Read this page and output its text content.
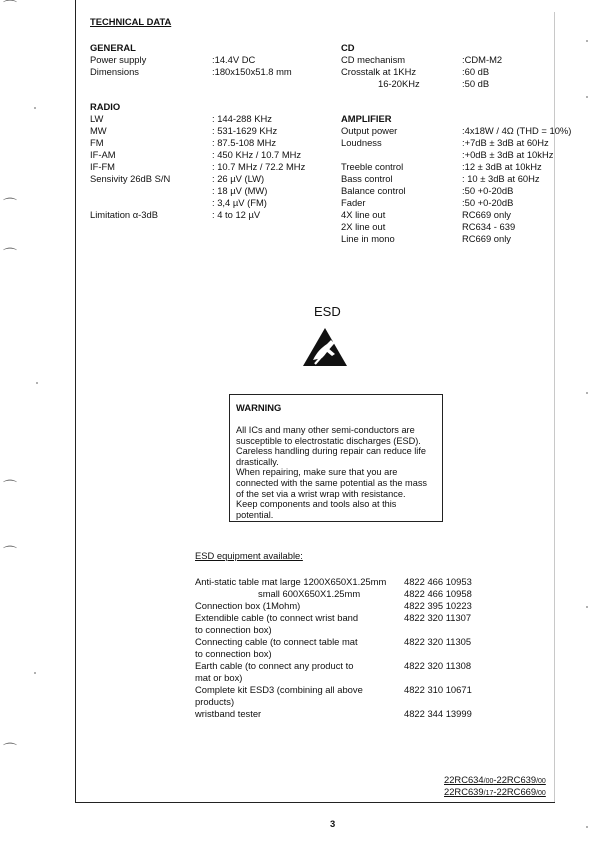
⌒
⌒
⌒
⌒
⌒
⌒
TECHNICAL DATA
GENERAL
Power supply	:14.4V DC
Dimensions	:180x150x51.8 mm
CD
CD mechanism	:CDM-M2
Crosstalk at 1KHz	:60 dB
16-20KHz	:50 dB
RADIO
LW	: 144-288 KHz
MW	: 531-1629 KHz
FM	: 87.5-108 MHz
IF-AM	: 450 KHz / 10.7 MHz
IF-FM	: 10.7 MHz / 72.2 MHz
Sensivity 26dB S/N	: 26 µV (LW)
: 18 µV (MW)
: 3,4 µV (FM)
Limitation α-3dB	: 4 to 12 µV
AMPLIFIER
Output power	:4x18W / 4Ω (THD = 10%)
Loudness	:+7dB ± 3dB at 60Hz
:+0dB ± 3dB at 10kHz
Treeble control	:12 ± 3dB at 10kHz
Bass control	: 10 ± 3dB at 60Hz
Balance control	:50 +0-20dB
Fader	:50 +0-20dB
4X line out	RC669 only
2X line out	RC634 - 639
Line in mono	RC669 only
ESD
WARNING
All ICs and many other semi-conductors are
susceptible to electrostatic discharges (ESD).
Careless handling during repair can reduce life
drastically.
When repairing, make sure that you are
connected with the same potential as the mass
of the set via a wrist wrap with resistance.
Keep components and tools also at this
potential.
ESD equipment available:
Anti-static table mat large 1200X650X1.25mm 4822 466 10953
small 600X650X1.25mm	4822 466 10958
Connection box (1Mohm)	4822 395 10223
Extendible cable (to connect wrist band
to connection box)
4822 320 11307
Connecting cable (to connect table mat
to connection box)
4822 320 11305
Earth cable (to connect any product to
mat or box)
4822 320 11308
Complete kit ESD3 (combining all above
products)
4822 310 10671
wristband tester	4822 344 13999
22RC634/00-22RC639/00
22RC639/17-22RC669/00
3
